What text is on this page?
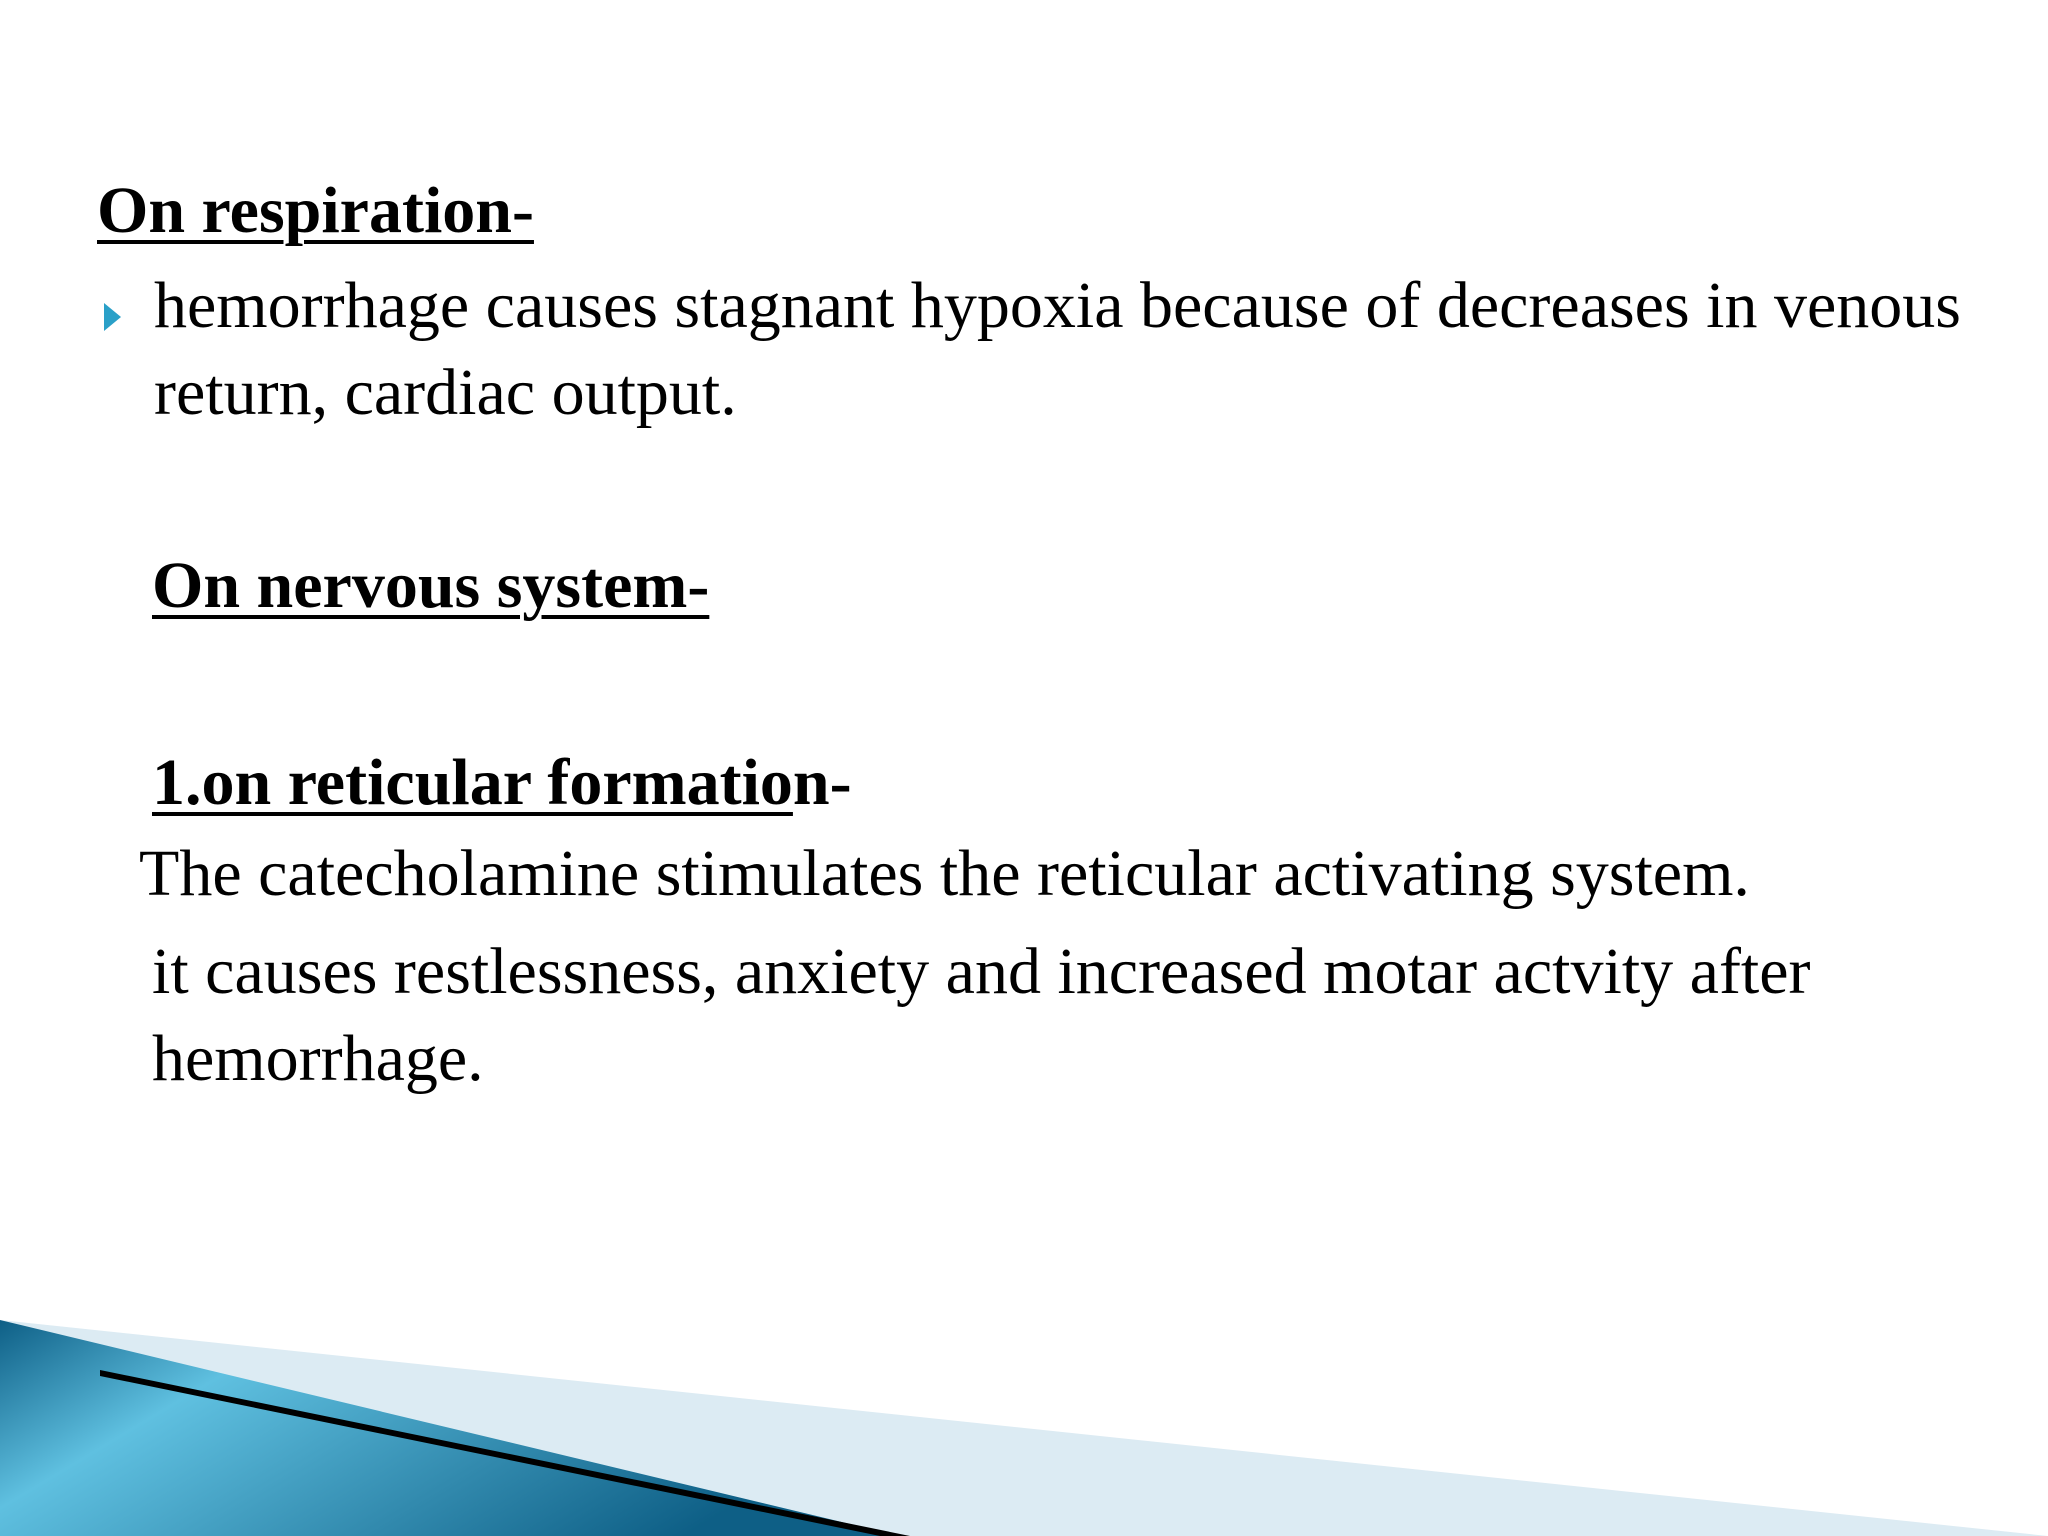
On respiration-
hemorrhage causes stagnant hypoxia because of decreases in venous return, cardiac output.
On nervous system-
1.on reticular formation-
The catecholamine stimulates the reticular activating system.
it causes restlessness, anxiety and increased motar actvity after hemorrhage.
